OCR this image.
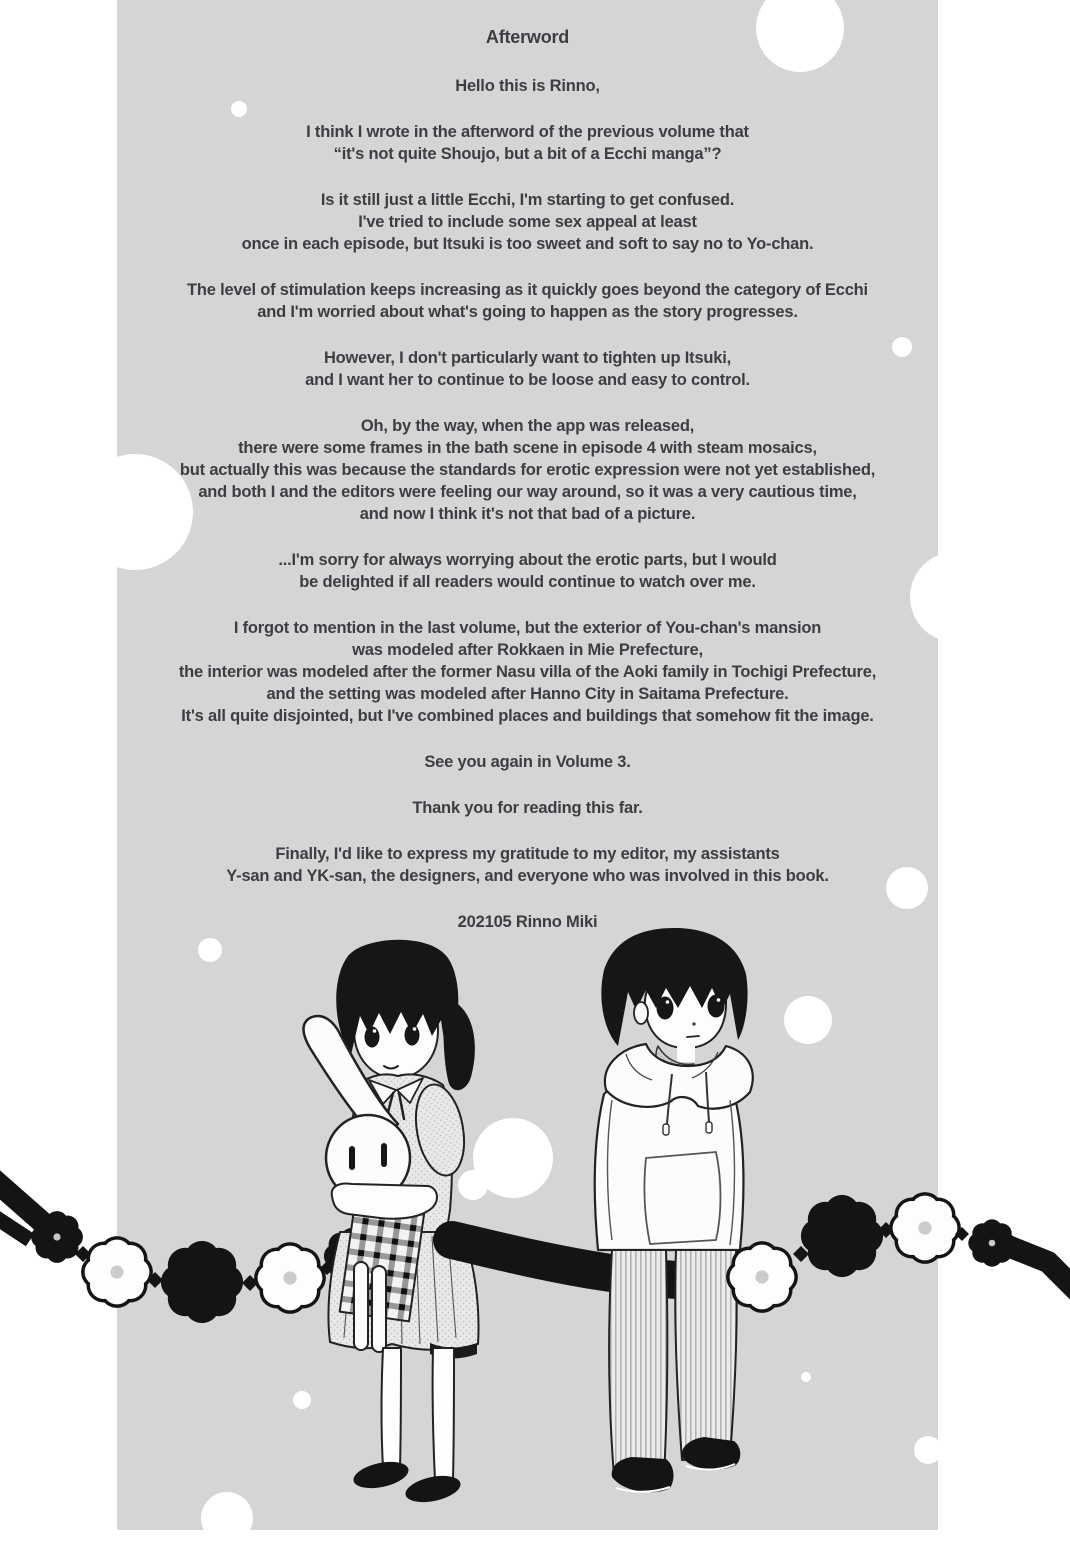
Afterword

Hello this is Rinno,

I think I wrote in the afterword of the previous volume that
“it's not quite Shoujo, but a bit of a Ecchi manga”?

Is it still just a little Ecchi, I'm starting to get confused.
I've tried to include some sex appeal at least
once in each episode, but Itsuki is too sweet and soft to say no to Yo-chan.

The level of stimulation keeps increasing as it quickly goes beyond the category of Ecchi
and I'm worried about what's going to happen as the story progresses.

However, I don't particularly want to tighten up Itsuki,
and I want her to continue to be loose and easy to control.

Oh, by the way, when the app was released,
there were some frames in the bath scene in episode 4 with steam mosaics,
but actually this was because the standards for erotic expression were not yet established,
and both I and the editors were feeling our way around, so it was a very cautious time,
and now I think it's not that bad of a picture.

...I'm sorry for always worrying about the erotic parts, but I would
be delighted if all readers would continue to watch over me.

I forgot to mention in the last volume, but the exterior of You-chan's mansion
was modeled after Rokkaen in Mie Prefecture,
the interior was modeled after the former Nasu villa of the Aoki family in Tochigi Prefecture,
and the setting was modeled after Hanno City in Saitama Prefecture.
It's all quite disjointed, but I've combined places and buildings that somehow fit the image.

See you again in Volume 3.

Thank you for reading this far.

Finally, I'd like to express my gratitude to my editor, my assistants
Y-san and YK-san, the designers, and everyone who was involved in this book.

202105 Rinno Miki
